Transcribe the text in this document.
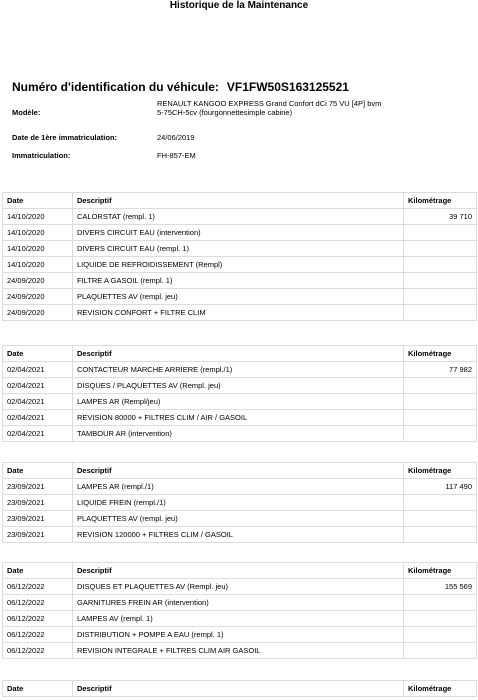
Historique de la Maintenance
Numéro d'identification du véhicule: VF1FW50S163125521
Modèle:
RENAULT KANGOO EXPRESS Grand Confort dCi 75 VU [4P] bvm
5-75CH-5cv (fourgonnettesimple cabine)
Date de 1ère immatriculation:	24/06/2019
Immatriculation:	FH-857-EM
Date	Descriptif	Kilométrage
14/10/2020	CALORSTAT (rempl. 1)	39 710
14/10/2020	DIVERS CIRCUIT EAU (intervention)	
14/10/2020	DIVERS CIRCUIT EAU (rempl. 1)	
14/10/2020	LIQUIDE DE REFROIDISSEMENT (Rempl)	
24/09/2020	FILTRE A GASOIL (rempl. 1)	
24/09/2020	PLAQUETTES AV (rempl. jeu)	
24/09/2020	REVISION CONFORT + FILTRE CLIM	
Date	Descriptif	Kilométrage
02/04/2021	CONTACTEUR MARCHE ARRIERE (rempl./1)	77 982
02/04/2021	DISQUES / PLAQUETTES AV (Rempl. jeu)	
02/04/2021	LAMPES AR (Rempl/jeu)	
02/04/2021	REVISION 80000 + FILTRES CLIM / AIR / GASOIL	
02/04/2021	TAMBOUR AR (intervention)	
Date	Descriptif	Kilométrage
23/09/2021	LAMPES AR (rempl./1)	117 490
23/09/2021	LIQUIDE FREIN (rempl./1)	
23/09/2021	PLAQUETTES AV (rempl. jeu)	
23/09/2021	REVISION 120000 + FILTRES CLIM / GASOIL	
Date	Descriptif	Kilométrage
06/12/2022	DISQUES ET PLAQUETTES AV (Rempl. jeu)	155 569
06/12/2022	GARNITURES FREIN AR (intervention)	
06/12/2022	LAMPES AV (rempl. 1)	
06/12/2022	DISTRIBUTION + POMPE A EAU (rempl. 1)	
06/12/2022	REVISION INTEGRALE + FILTRES CLIM AIR GASOIL	
Date	Descriptif	Kilométrage
